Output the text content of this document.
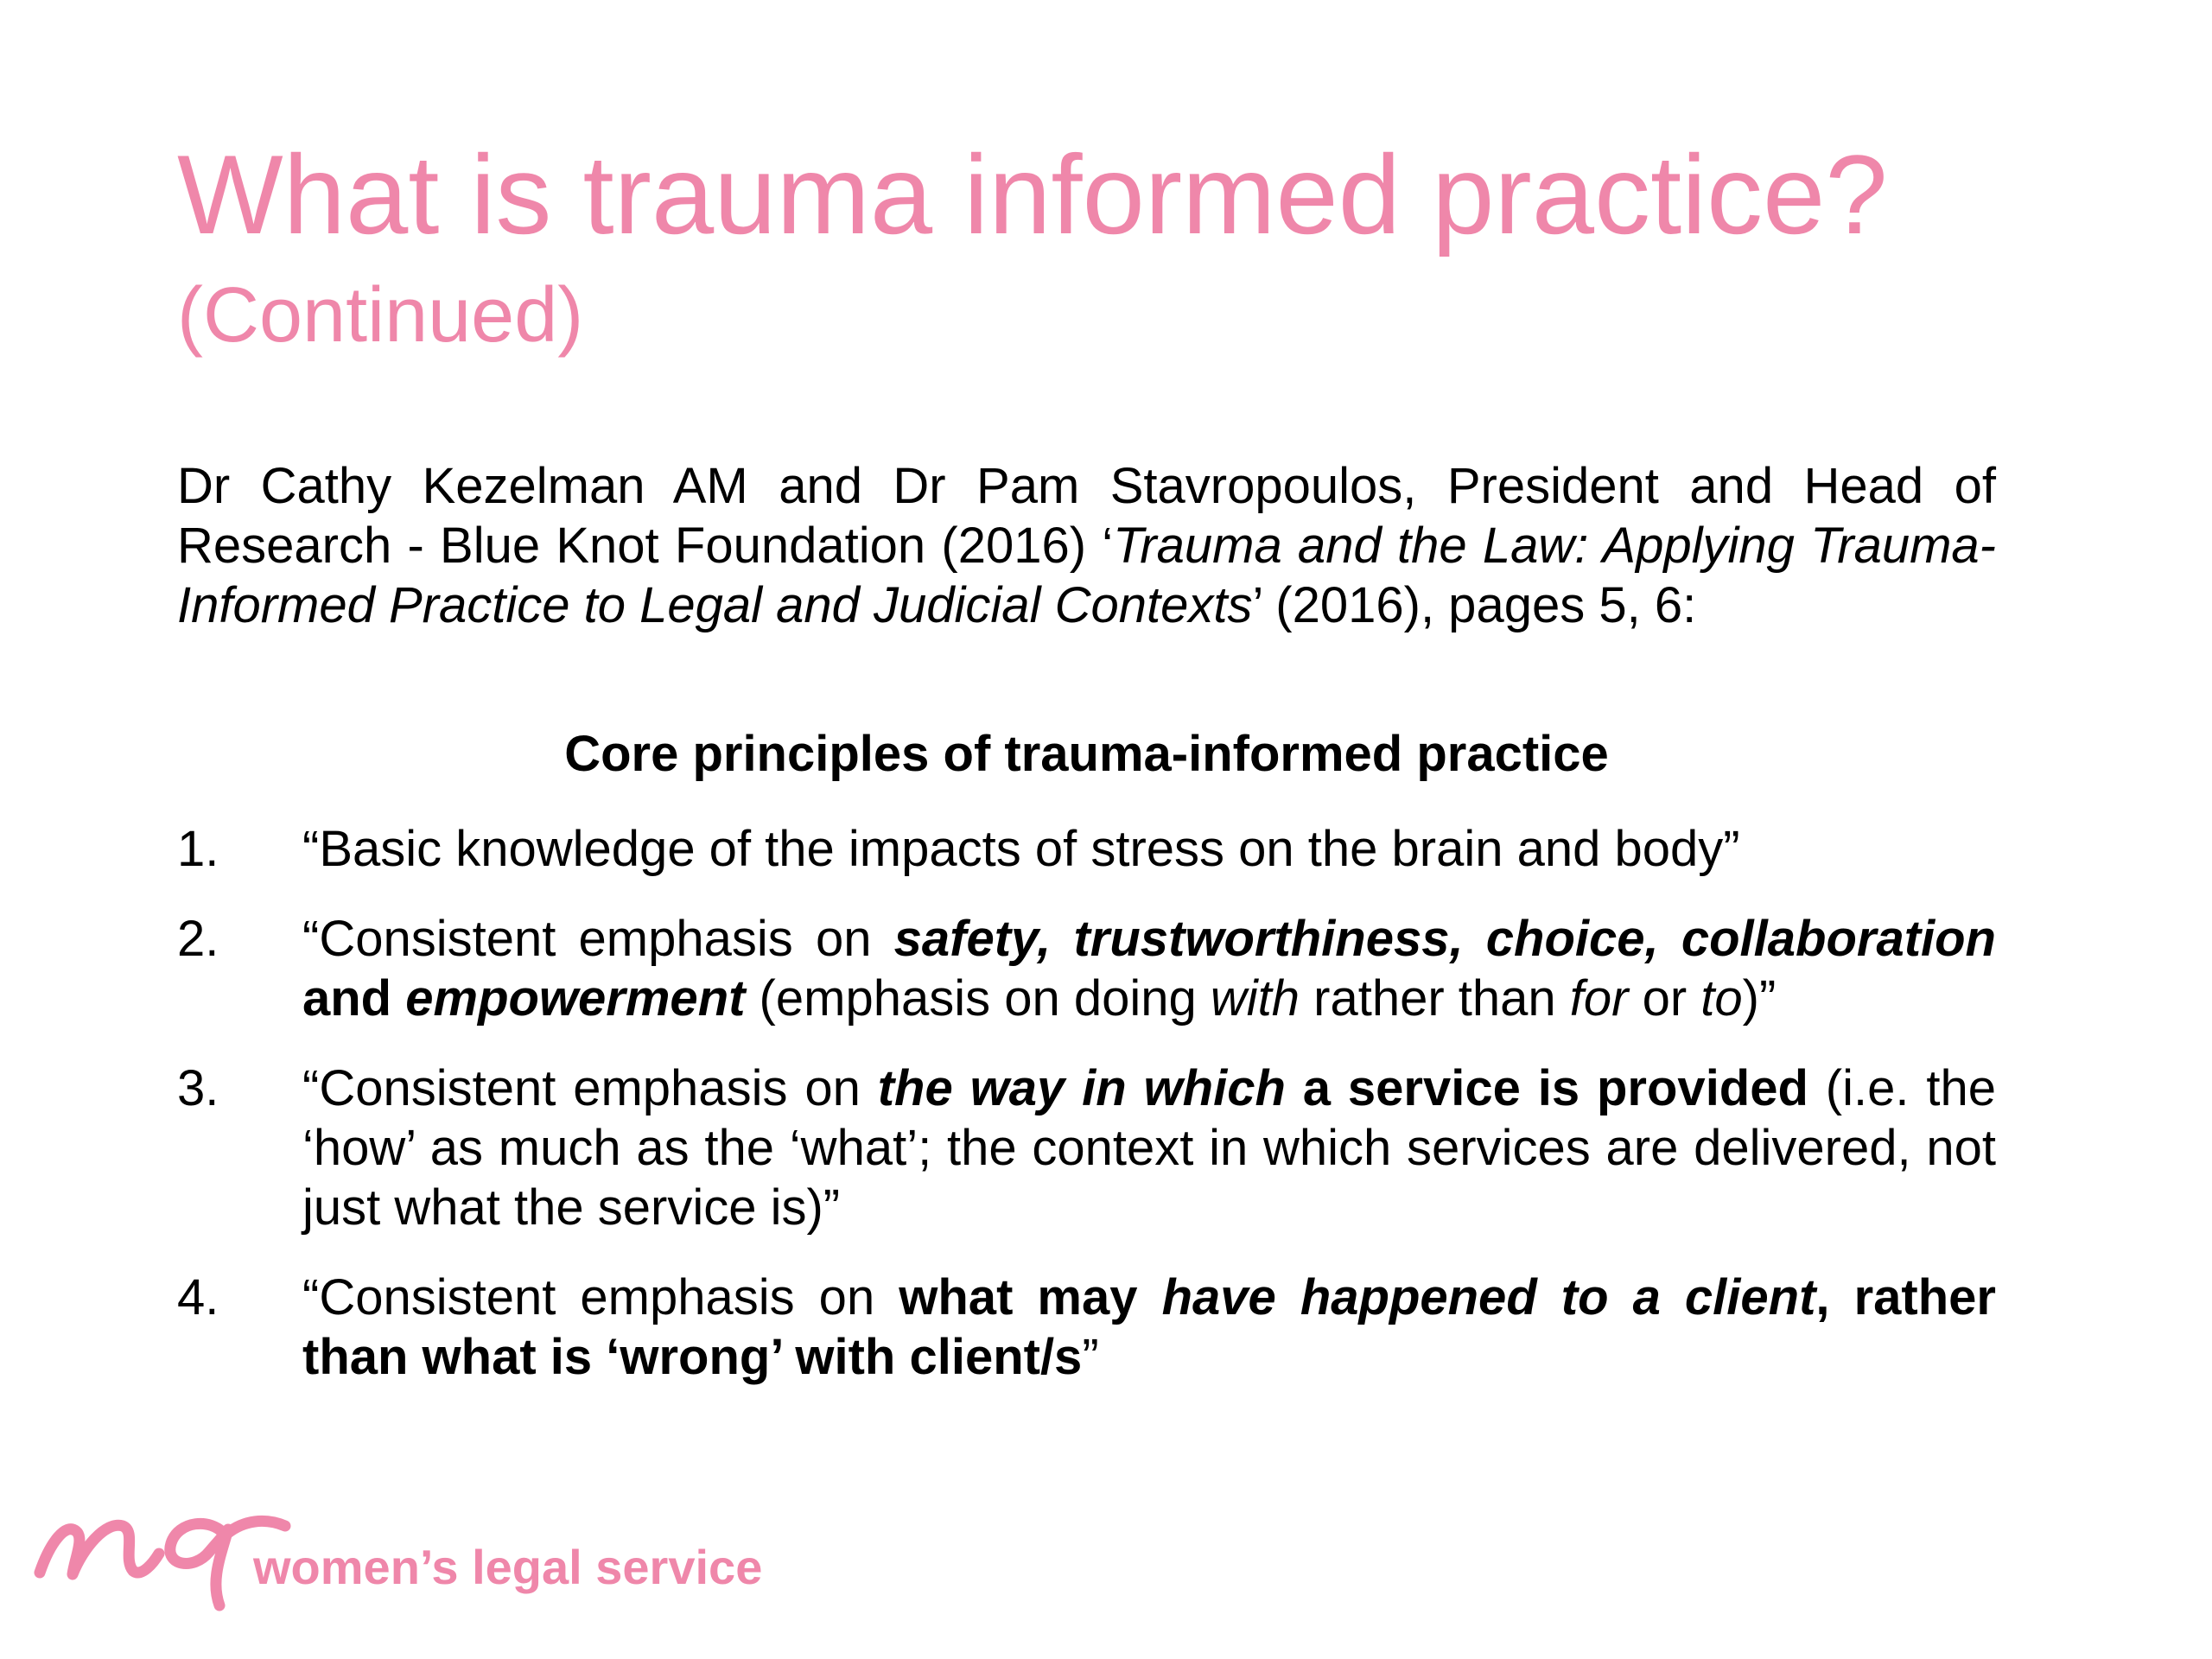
What is trauma informed practice?
(Continued)

Dr Cathy Kezelman AM and Dr Pam Stavropoulos, President and Head of Research - Blue Knot Foundation (2016) ‘Trauma and the Law: Applying Trauma-Informed Practice to Legal and Judicial Contexts’ (2016), pages 5, 6:

Core principles of trauma-informed practice

1. “Basic knowledge of the impacts of stress on the brain and body”
2. “Consistent emphasis on safety, trustworthiness, choice, collaboration and empowerment (emphasis on doing with rather than for or to)”
3. “Consistent emphasis on the way in which a service is provided (i.e. the ‘how’ as much as the ‘what’; the context in which services are delivered, not just what the service is)”
4. “Consistent emphasis on what may have happened to a client, rather than what is ‘wrong’ with client/s”
women’s legal service
